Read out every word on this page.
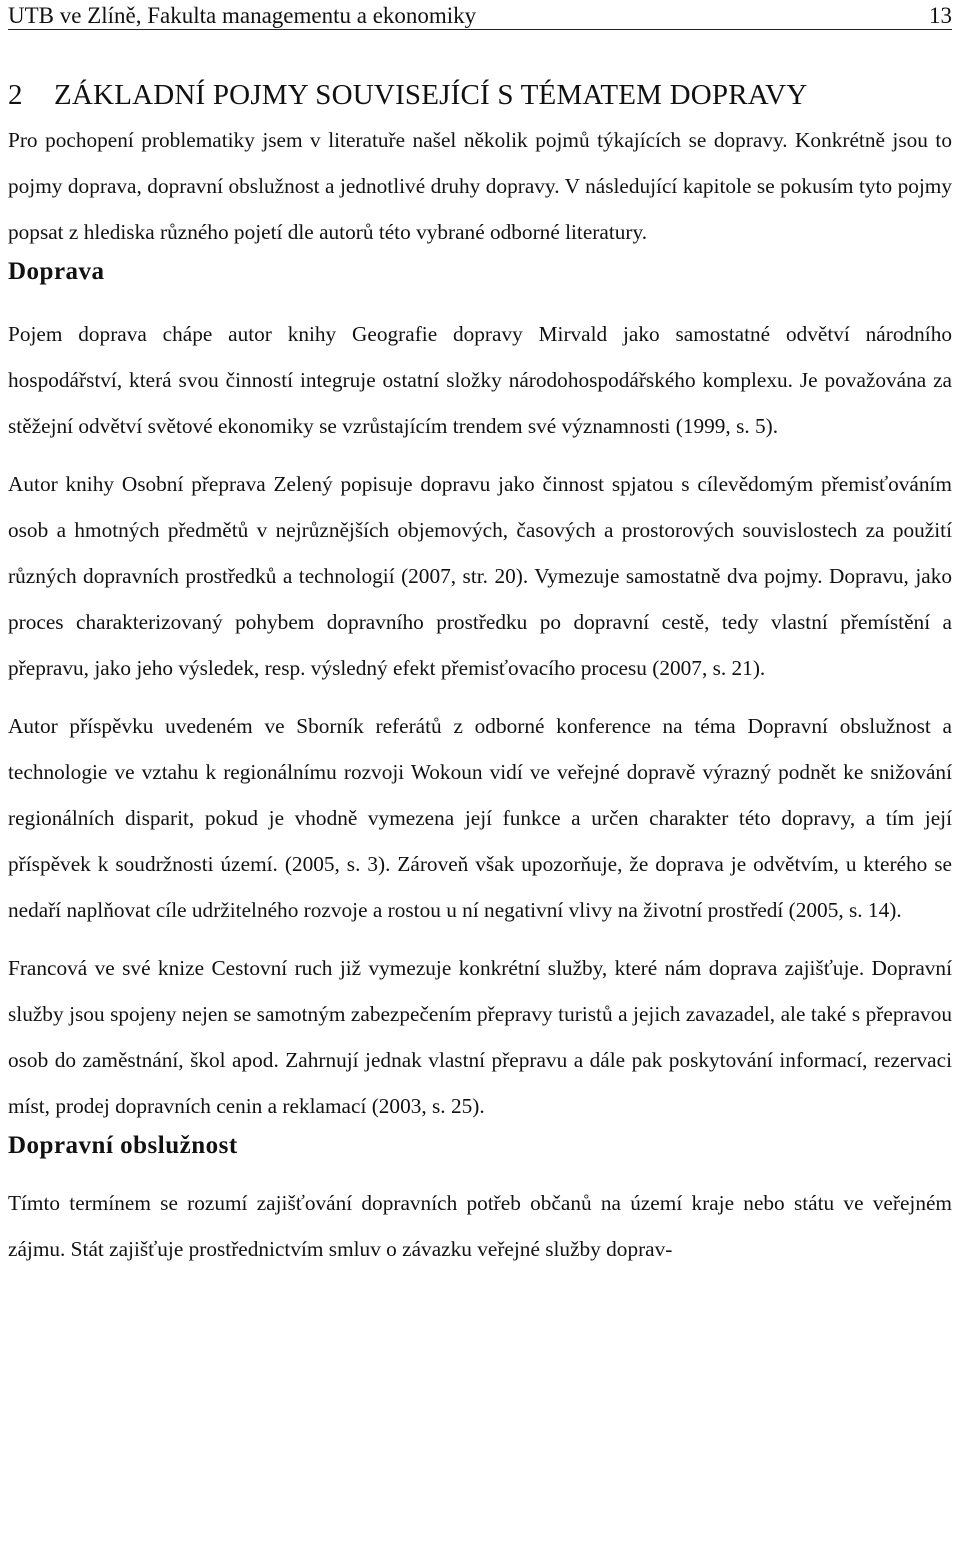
UTB ve Zlíně, Fakulta managementu a ekonomiky	13
2 ZÁKLADNÍ POJMY SOUVISEJÍCÍ S TÉMATEM DOPRAVY

Pro pochopení problematiky jsem v literatuře našel několik pojmů týkajících se dopravy. Konkrétně jsou to pojmy doprava, dopravní obslužnost a jednotlivé druhy dopravy. V následující kapitole se pokusím tyto pojmy popsat z hlediska různého pojetí dle autorů této vybrané odborné literatury.

Doprava

Pojem doprava chápe autor knihy Geografie dopravy Mirvald jako samostatné odvětví národního hospodářství, která svou činností integruje ostatní složky národohospodářského komplexu. Je považována za stěžejní odvětví světové ekonomiky se vzrůstajícím trendem své významnosti (1999, s. 5).

Autor knihy Osobní přeprava Zelený popisuje dopravu jako činnost spjatou s cílevědomým přemisťováním osob a hmotných předmětů v nejrůznějších objemových, časových a prostorových souvislostech za použití různých dopravních prostředků a technologií (2007, str. 20). Vymezuje samostatně dva pojmy. Dopravu, jako proces charakterizovaný pohybem dopravního prostředku po dopravní cestě, tedy vlastní přemístění a přepravu, jako jeho výsledek, resp. výsledný efekt přemisťovacího procesu (2007, s. 21).

Autor příspěvku uvedeném ve Sborník referátů z odborné konference na téma Dopravní obslužnost a technologie ve vztahu k regionálnímu rozvoji Wokoun vidí ve veřejné dopravě výrazný podnět ke snižování regionálních disparit, pokud je vhodně vymezena její funkce a určen charakter této dopravy, a tím její příspěvek k soudržnosti území. (2005, s. 3). Zároveň však upozorňuje, že doprava je odvětvím, u kterého se nedaří naplňovat cíle udržitelného rozvoje a rostou u ní negativní vlivy na životní prostředí (2005, s. 14).

Francová ve své knize Cestovní ruch již vymezuje konkrétní služby, které nám doprava zajišťuje. Dopravní služby jsou spojeny nejen se samotným zabezpečením přepravy turistů a jejich zavazadel, ale také s přepravou osob do zaměstnání, škol apod. Zahrnují jednak vlastní přepravu a dále pak poskytování informací, rezervaci míst, prodej dopravních cenin a reklamací (2003, s. 25).

Dopravní obslužnost

Tímto termínem se rozumí zajišťování dopravních potřeb občanů na území kraje nebo státu ve veřejném zájmu. Stát zajišťuje prostřednictvím smluv o závazku veřejné služby doprav-
